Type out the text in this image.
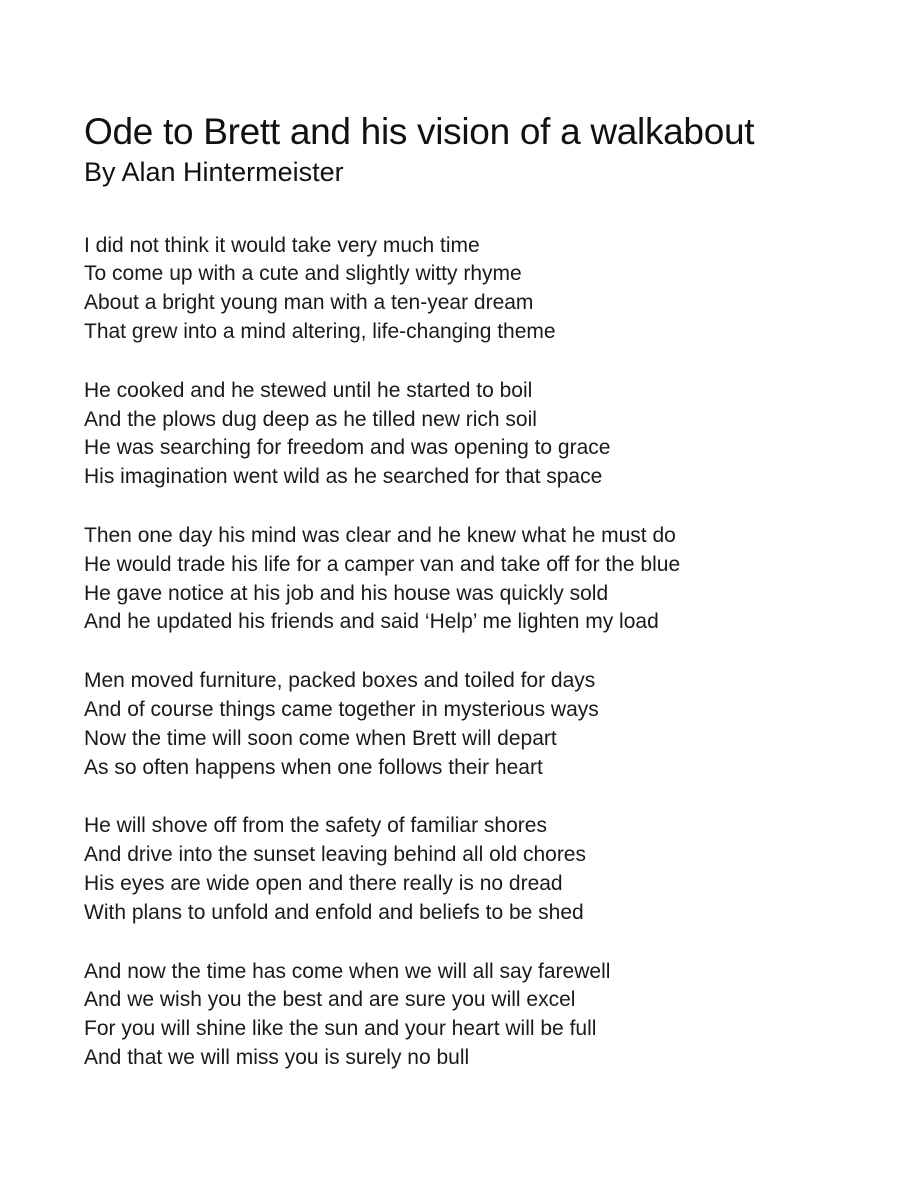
Ode to Brett and his vision of a walkabout
By Alan Hintermeister
I did not think it would take very much time
To come up with a cute and slightly witty rhyme
About a bright young man with a ten-year dream
That grew into a mind altering, life-changing theme
He cooked and he stewed until he started to boil
And the plows dug deep as he tilled new rich soil
He was searching for freedom and was opening to grace
His imagination went wild as he searched for that space
Then one day his mind was clear and he knew what he must do
He would trade his life for a camper van and take off for the blue
He gave notice at his job and his house was quickly sold
And he updated his friends and said ‘Help’ me lighten my load
Men moved furniture, packed boxes and toiled for days
And of course things came together in mysterious ways
Now the time will soon come when Brett will depart
As so often happens when one follows their heart
He will shove off from the safety of familiar shores
And drive into the sunset leaving behind all old chores
His eyes are wide open and there really is no dread
With plans to unfold and enfold and beliefs to be shed
And now the time has come when we will all say farewell
And we wish you the best and are sure you will excel
For you will shine like the sun and your heart will be full
And that we will miss you is surely no bull
